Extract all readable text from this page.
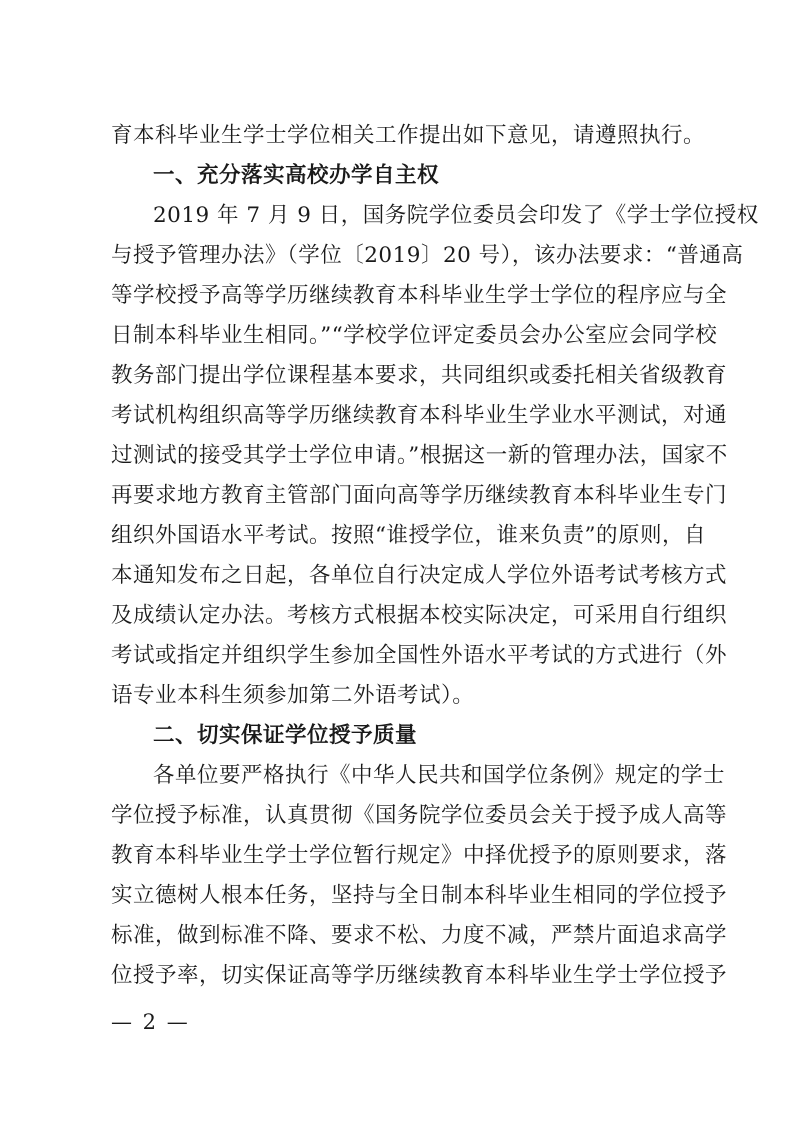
育本科毕业生学士学位相关工作提出如下意见，请遵照执行。
一、充分落实高校办学自主权
2019 年 7 月 9 日，国务院学位委员会印发了《学士学位授权
与授予管理办法》（学位〔2019〕20 号），该办法要求：“普通高
等学校授予高等学历继续教育本科毕业生学士学位的程序应与全
日制本科毕业生相同。”“学校学位评定委员会办公室应会同学校
教务部门提出学位课程基本要求，共同组织或委托相关省级教育
考试机构组织高等学历继续教育本科毕业生学业水平测试，对通
过测试的接受其学士学位申请。”根据这一新的管理办法，国家不
再要求地方教育主管部门面向高等学历继续教育本科毕业生专门
组织外国语水平考试。按照“谁授学位，谁来负责”的原则，自
本通知发布之日起，各单位自行决定成人学位外语考试考核方式
及成绩认定办法。考核方式根据本校实际决定，可采用自行组织
考试或指定并组织学生参加全国性外语水平考试的方式进行（外
语专业本科生须参加第二外语考试）。
二、切实保证学位授予质量
各单位要严格执行《中华人民共和国学位条例》规定的学士
学位授予标准，认真贯彻《国务院学位委员会关于授予成人高等
教育本科毕业生学士学位暂行规定》中择优授予的原则要求，落
实立德树人根本任务，坚持与全日制本科毕业生相同的学位授予
标准，做到标准不降、要求不松、力度不减，严禁片面追求高学
位授予率，切实保证高等学历继续教育本科毕业生学士学位授予
— 2 —
